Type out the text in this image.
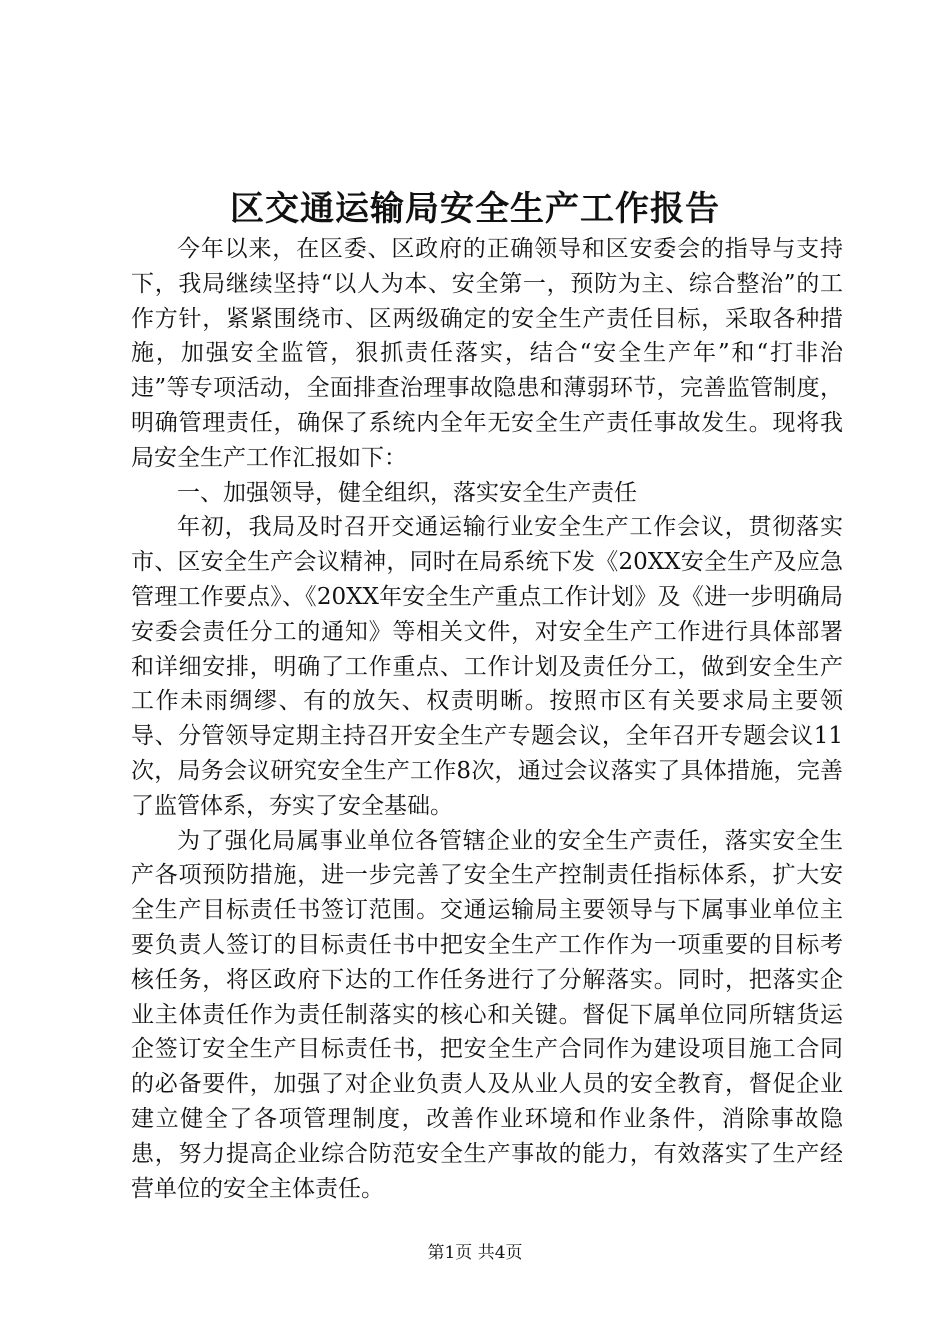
区交通运输局安全生产工作报告

今年以来，在区委、区政府的正确领导和区安委会的指导与支持下，我局继续坚持“以人为本、安全第一，预防为主、综合整治”的工作方针，紧紧围绕市、区两级确定的安全生产责任目标，采取各种措施，加强安全监管，狠抓责任落实，结合“安全生产年”和“打非治违”等专项活动，全面排查治理事故隐患和薄弱环节，完善监管制度，明确管理责任，确保了系统内全年无安全生产责任事故发生。现将我局安全生产工作汇报如下：

一、加强领导，健全组织，落实安全生产责任

年初，我局及时召开交通运输行业安全生产工作会议，贯彻落实市、区安全生产会议精神，同时在局系统下发《20XX安全生产及应急管理工作要点》、《20XX年安全生产重点工作计划》及《进一步明确局安委会责任分工的通知》等相关文件，对安全生产工作进行具体部署和详细安排，明确了工作重点、工作计划及责任分工，做到安全生产工作未雨绸缪、有的放矢、权责明晰。按照市区有关要求局主要领导、分管领导定期主持召开安全生产专题会议，全年召开专题会议11次，局务会议研究安全生产工作8次，通过会议落实了具体措施，完善了监管体系，夯实了安全基础。

为了强化局属事业单位各管辖企业的安全生产责任，落实安全生产各项预防措施，进一步完善了安全生产控制责任指标体系，扩大安全生产目标责任书签订范围。交通运输局主要领导与下属事业单位主要负责人签订的目标责任书中把安全生产工作作为一项重要的目标考核任务，将区政府下达的工作任务进行了分解落实。同时，把落实企业主体责任作为责任制落实的核心和关键。督促下属单位同所辖货运企签订安全生产目标责任书，把安全生产合同作为建设项目施工合同的必备要件，加强了对企业负责人及从业人员的安全教育，督促企业建立健全了各项管理制度，改善作业环境和作业条件，消除事故隐患，努力提高企业综合防范安全生产事故的能力，有效落实了生产经营单位的安全主体责任。

第1页 共4页
